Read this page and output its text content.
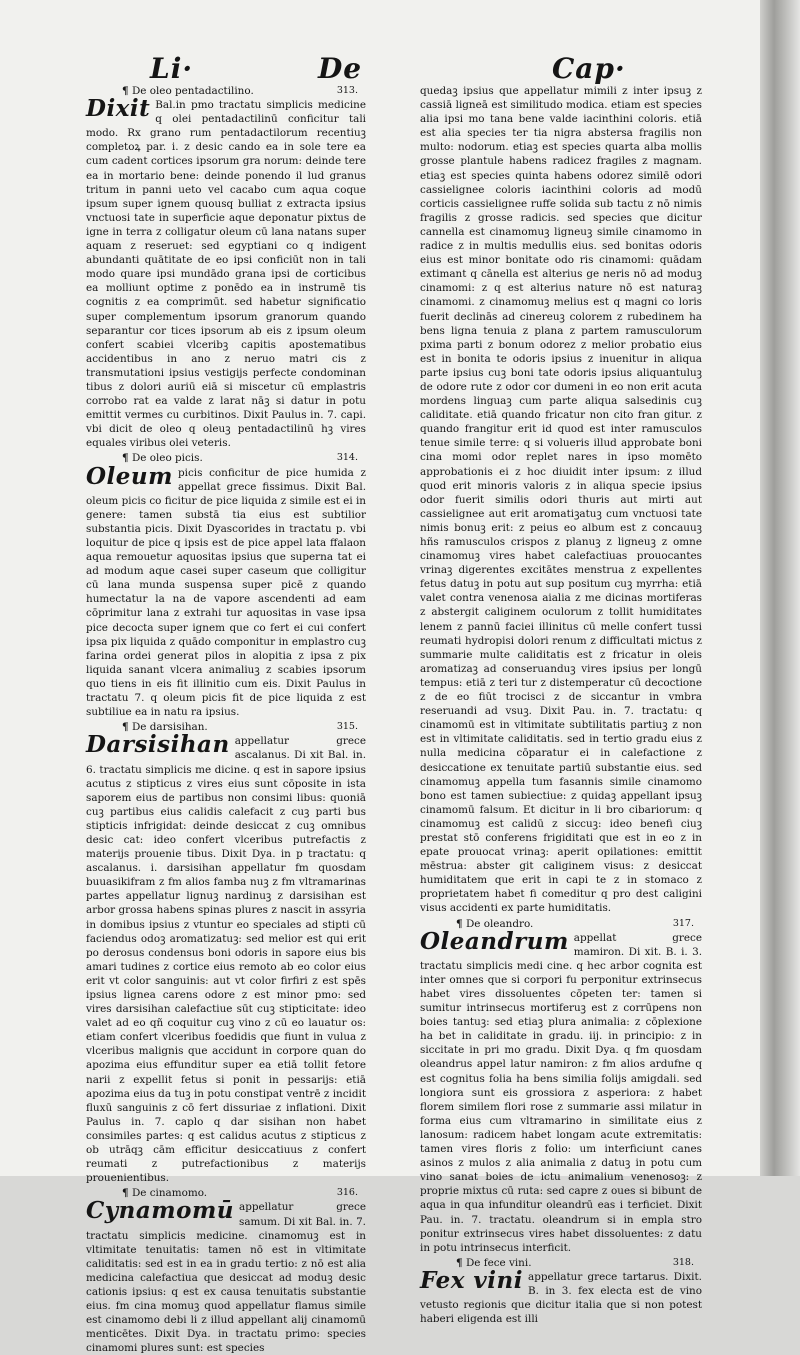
Li·	De	Cap·
¶ De oleo pentadactilino.	313.

Dixit Bal.in pmo tractatu simplicis medicine q olei pentadactilinū conficitur tali modo. Rx grano rum pentadactilorum recentiuꝫ completoꝝ par. i. z desic cando ea in sole tere ea cum cadent cortices ipsorum gra norum: deinde tere ea in mortario bene: deinde ponendo il lud granus tritum in panni ueto vel cacabo cum aqua coque ipsum super ignem quousq bulliat z extracta ipsius vnctuosi tate in superficie aque deponatur pixtus de igne in terra z colligatur oleum cū lana natans super aquam z reseruet: sed egyptiani co q indigent abundanti quātitate de eo ipsi conficiūt non in tali modo quare ipsi mundādo grana ipsi de corticibus ea molliunt optime z ponēdo ea in instrumē tis cognitis z ea comprimūt. sed habetur significatio super complementum ipsorum granorum quando separantur cor tices ipsorum ab eis z ipsum oleum confert scabiei vlceribꝫ capitis apostematibus accidentibus in ano z neruo matri cis z transmutationi ipsius vestigijs perfecte condominan tibus z dolori auriū eiā si miscetur cū emplastris corrobo rat ea valde z larat nāꝫ si datur in potu emittit vermes cu curbitinos. Dixit Paulus in. 7. capi. vbi dicit de oleo q oleuꝫ pentadactilinū hꝫ vires equales viribus olei veteris.

¶ De oleo picis.	314.

Oleum picis conficitur de pice humida z appellat grece fissimus. Dixit Bal. oleum picis co ficitur de pice liquida z simile est ei in genere: tamen substā tia eius est subtilior substantia picis. Dixit Dyascorides in tractatu p. vbi loquitur de pice q ipsis est de pice appel lata ffalaon aqua remouetur aquositas ipsius que superna tat ei ad modum aque casei super caseum que colligitur cū lana munda suspensa super picē z quando humectatur la na de vapore ascendenti ad eam cōprimitur lana z extrahi tur aquositas in vase ipsa pice decocta super ignem que co fert ei cui confert ipsa pix liquida z quādo componitur in emplastro cuꝫ farina ordei generat pilos in alopitia z ipsa z pix liquida sanant vlcera animaliuꝫ z scabies ipsorum quo tiens in eis fit illinitio cum eis. Dixit Paulus in tractatu 7. q oleum picis fit de pice liquida z est subtiliue ea in natu ra ipsius.

¶ De darsisihan.	315.

Darsisihan appellatur grece ascalanus. Di xit Bal. in. 6. tractatu simplicis me dicine. q est in sapore ipsius acutus z stipticus z vires eius sunt cōposite in ista saporem eius de partibus non consimi libus: quoniā cuꝫ partibus eius calidis calefacit z cuꝫ parti bus stipticis infrigidat: deinde desiccat z cuꝫ omnibus desic cat: ideo confert vlceribus putrefactis z materijs prouenie tibus. Dixit Dya. in p tractatu: q ascalanus. i. darsisihan appellatur fm quosdam buuasikifram z fm alios famba nuꝫ z fm vltramarinas partes appellatur lignuꝫ nardinuꝫ z darsisihan est arbor grossa habens spinas plures z nascit in assyria in domibus ipsius z vtuntur eo speciales ad stipti cū faciendus odoꝫ aromatizatuꝫ: sed melior est qui erit po derosus condensus boni odoris in sapore eius bis amari tudines z cortice eius remoto ab eo color eius erit vt color sanguinis: aut vt color firfiri z est spēs ipsius lignea carens odore z est minor pmo: sed vires darsisihan calefactiue sūt cuꝫ stipticitate: ideo valet ad eo qñ coquitur cuꝫ vino z cū eo lauatur os: etiam confert vlceribus foedidis que fiunt in vulua z vlceribus malignis que accidunt in corpore quan do apozima eius effunditur super ea etiā tollit fetore narii z expellit fetus si ponit in pessarijs: etiā apozima eius da tuꝫ in potu constipat ventrē z incidit fluxū sanguinis z cō fert dissuriae z inflationi. Dixit Paulus in. 7. caplo q dar sisihan non habet consimiles partes: q est calidus acutus z stipticus z ob utrāqꝫ cām efficitur desiccatiuus z confert reumati z putrefactionibus z materijs prouenientibus.

¶ De cinamomo.	316.

Cynamomū appellatur grece samum. Di xit Bal. in. 7. tractatu simplicis medicine. cinamomuꝫ est in vltimitate tenuitatis: tamen nō est in vltimitate caliditatis: sed est in ea in gradu tertio: z nō est alia medicina calefactiua que desiccat ad moduꝫ desic cationis ipsius: q est ex causa tenuitatis substantie eius. fm cina momuꝫ quod appellatur flamus simile est cinamomo debi li z illud appellant alij cinamomū menticētes. Dixit Dya. in tractatu primo: species cinamomi plures sunt: est species

quedaꝫ ipsius que appellatur mimili z inter ipsuꝫ z cassiā ligneā est similitudo modica. etiam est species alia ipsi mo tana bene valde iacinthini coloris. etiā est alia species ter tia nigra abstersa fragilis non multo: nodorum. etiaꝫ est species quarta alba mollis grosse plantule habens radicez fragiles z magnam. etiaꝫ est species quinta habens odorez similē odori cassielignee coloris iacinthini coloris ad modū corticis cassielignee ruffe solida sub tactu z nō nimis fragilis z grosse radicis. sed species que dicitur cannella est cinamomuꝫ ligneuꝫ simile cinamomo in radice z in multis medullis eius. sed bonitas odoris eius est minor bonitate odo ris cinamomi: quādam extimant q cānella est alterius ge neris nō ad moduꝫ cinamomi: z q est alterius nature nō est naturaꝫ cinamomi. z cinamomuꝫ melius est q magni co loris fuerit declinās ad cinereuꝫ colorem z rubedinem ha bens ligna tenuia z plana z partem ramusculorum pxima parti z bonum odorez z melior probatio eius est in bonita te odoris ipsius z inuenitur in aliqua parte ipsius cuꝫ boni tate odoris ipsius aliquantuluꝫ de odore rute z odor cor dumeni in eo non erit acuta mordens linguaꝫ cum parte aliqua salsedinis cuꝫ caliditate. etiā quando fricatur non cito fran gitur. z quando frangitur erit id quod est inter ramusculos tenue simile terre: q si volueris illud approbate boni cina momi odor replet nares in ipso momēto approbationis ei z hoc diuidit inter ipsum: z illud quod erit minoris valoris z in aliqua specie ipsius odor fuerit similis odori thuris aut mirti aut cassielignee aut erit aromatiꝫatuꝫ cum vnctuosi tate nimis bonuꝫ erit: z peius eo album est z concauuꝫ hñs ramusculos crispos z planuꝫ z ligneuꝫ z omne cinamomuꝫ vires habet calefactiuas prouocantes vrinaꝫ digerentes excitātes menstrua z expellentes fetus datuꝫ in potu aut sup positum cuꝫ myrrha: etiā valet contra venenosa aialia z me dicinas mortiferas z abstergit caliginem oculorum z tollit humiditates lenem z pannū faciei illinitus cū melle confert tussi reumati hydropisi dolori renum z difficultati mictus z summarie multe caliditatis est z fricatur in oleis aromatizaꝫ ad conseruanduꝫ vires ipsius per longū tempus: etiā z teri tur z distemperatur cū decoctione z de eo fiūt trocisci z de siccantur in vmbra reseruandi ad vsuꝫ. Dixit Pau. in. 7. tractatu: q cinamomū est in vltimitate subtilitatis partiuꝫ z non est in vltimitate caliditatis. sed in tertio gradu eius z nulla medicina cōparatur ei in calefactione z desiccatione ex tenuitate partiū substantie eius. sed cinamomuꝫ appella tum fasannis simile cinamomo bono est tamen subiectiue: z quidaꝫ appellant ipsuꝫ cinamomū falsum. Et dicitur in li bro cibariorum: q cinamomuꝫ est calidū z siccuꝫ: ideo benefi ciuꝫ prestat stō conferens frigiditati que est in eo z in epate prouocat vrinaꝫ: aperit opilationes: emittit mēstrua: abster git caliginem visus: z desiccat humiditatem que erit in capi te z in stomaco z proprietatem habet fi comeditur q pro dest caligini visus accidenti ex parte humiditatis.

¶ De oleandro.	317.

Oleandrum appellat grece mamiron. Di xit. B. i. 3. tractatu simplicis medi cine. q hec arbor cognita est inter omnes que si corpori fu perponitur extrinsecus habet vires dissoluentes cōpeten ter: tamen si sumitur intrinsecus mortiferuꝫ est z corrūpens non boies tantuꝫ: sed etiaꝫ plura animalia: z cōplexione ha bet in caliditate in gradu. iij. in principio: z in siccitate in pri mo gradu. Dixit Dya. q fm quosdam oleandrus appel latur namiron: z fm alios ardufne q est cognitus folia ha bens similia folijs amigdali. sed longiora sunt eis grossiora z asperiora: z habet florem similem flori rose z summarie assi milatur in forma eius cum vltramarino in similitate eius z lanosum: radicem habet longam acute extremitatis: tamen vires floris z folio: um interficiunt canes asinos z mulos z alia animalia z datuꝫ in potu cum vino sanat boies de ictu animalium venenosoꝫ: z proprie mixtus cū ruta: sed capre z oues si bibunt de aqua in qua infunditur oleandrū eas i terficiet. Dixit Pau. in. 7. tractatu. oleandrum si in empla stro ponitur extrinsecus vires habet dissoluentes: z datu in potu intrinsecus interficit.

¶ De fece vini.	318.

Fex vini appellatur grece tartarus. Dixit. B. in 3. fex electa est de vino vetusto regionis que dicitur italia que si non potest haberi eligenda est illi
